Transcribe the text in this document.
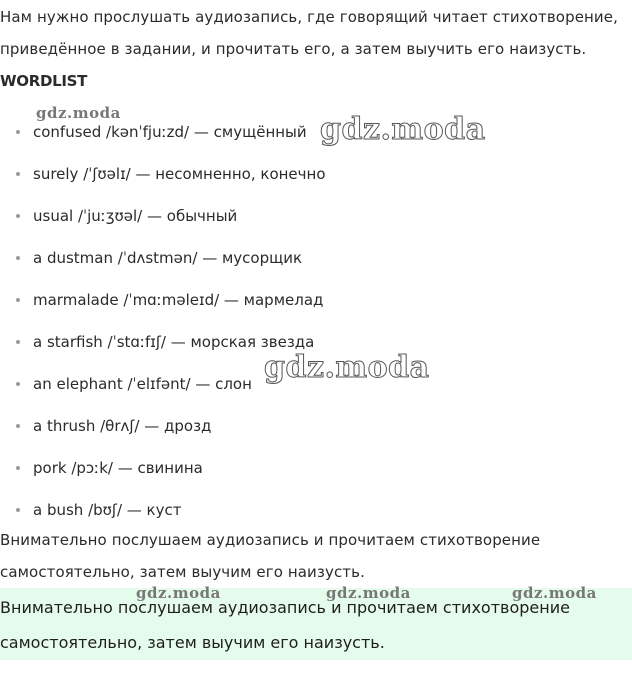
Нам нужно прослушать аудиозапись, где говорящий читает стихотворение, приведённое в задании, и прочитать его, а затем выучить его наизусть.

WORDLIST
confused /kənˈfjuːzd/ — смущённый
surely /ˈʃʊəlɪ/ — несомненно, конечно
usual /ˈjuːʒʊəl/ — обычный
a dustman /ˈdʌstmən/ — мусорщик
marmalade /ˈmɑːməleɪd/ — мармелад
a starfish /ˈstɑːfɪʃ/ — морская звезда
an elephant /ˈelɪfənt/ — слон
a thrush /θrʌʃ/ — дрозд
pork /pɔːk/ — свинина
a bush /bʊʃ/ — куст

Внимательно послушаем аудиозапись и прочитаем стихотворение самостоятельно, затем выучим его наизусть.

Внимательно послушаем аудиозапись и прочитаем стихотворение самостоятельно, затем выучим его наизусть.

gdz.moda	gdz.moda
gdz.moda
gdz.moda	gdz.moda	gdz.moda
